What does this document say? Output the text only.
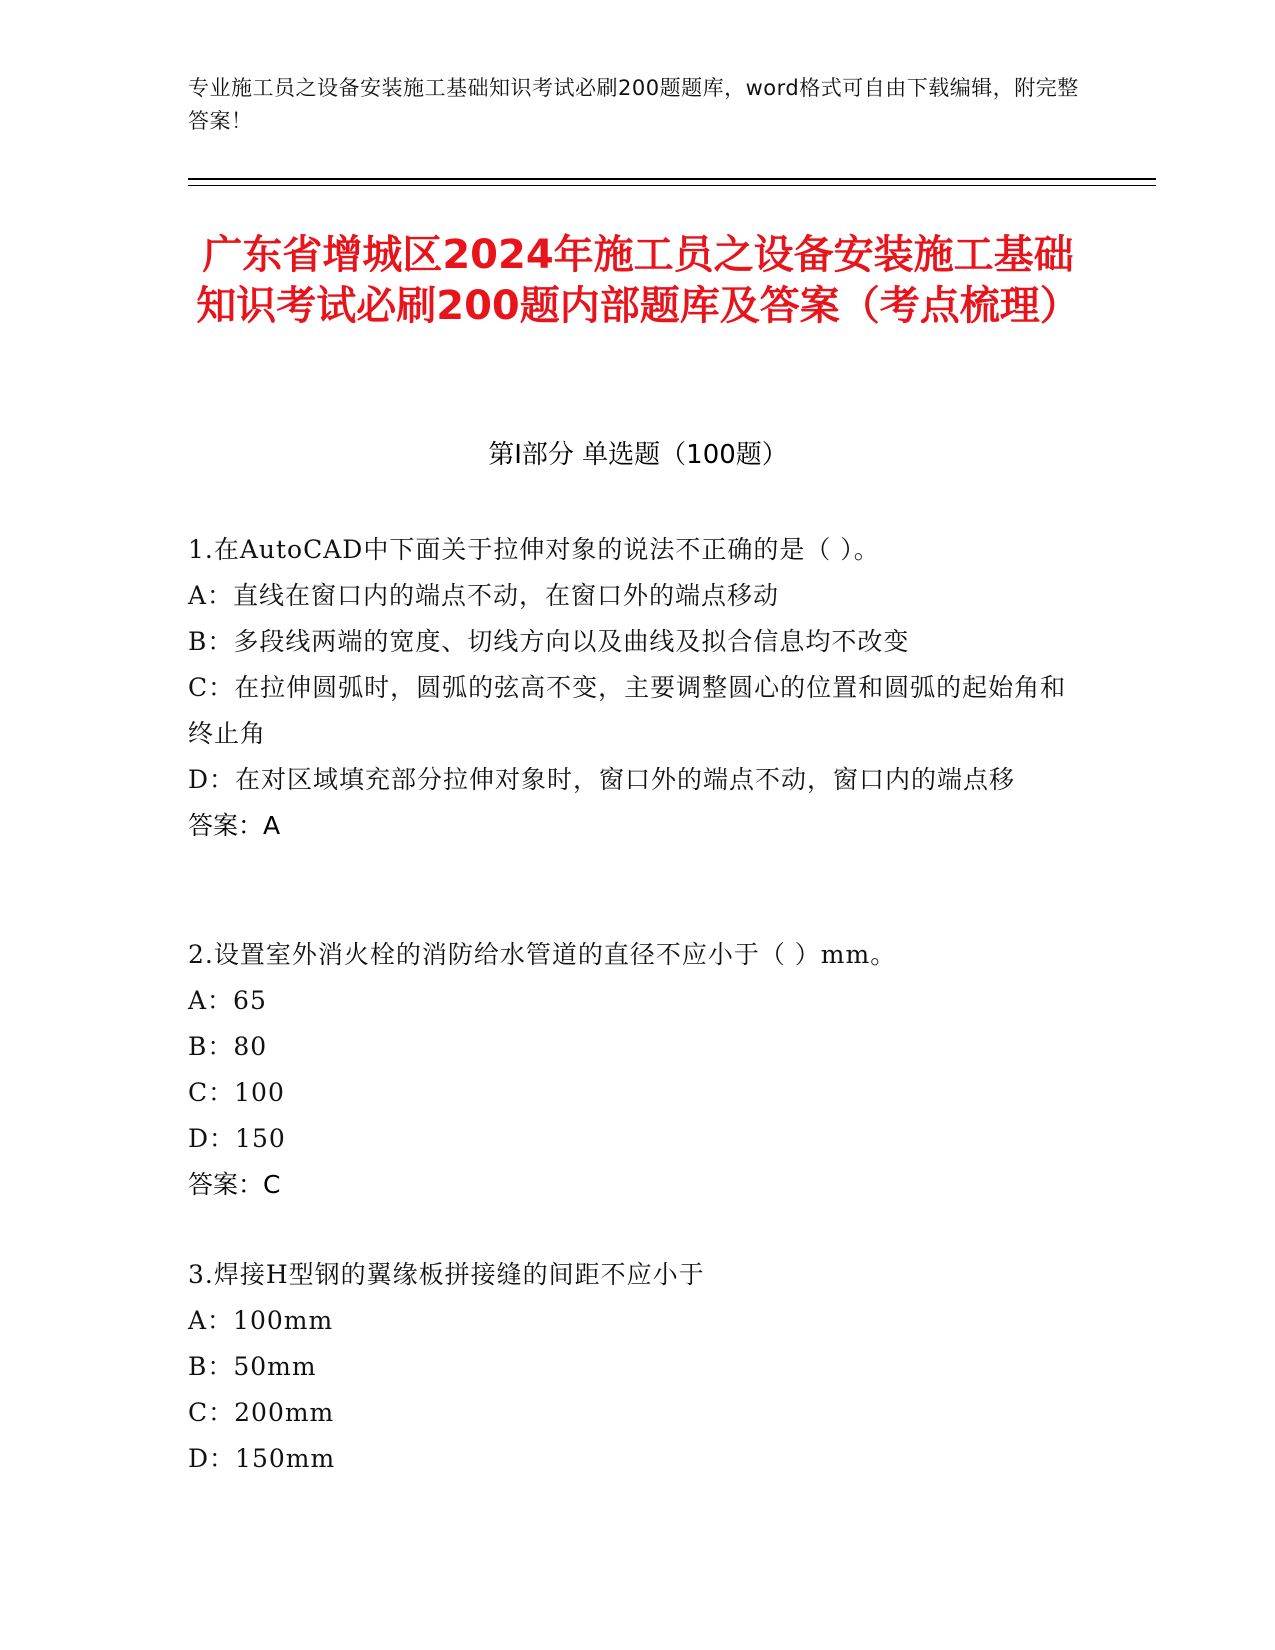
专业施工员之设备安装施工基础知识考试必刷200题题库，word格式可自由下载编辑，附完整答案！
广东省增城区2024年施工员之设备安装施工基础知识考试必刷200题内部题库及答案（考点梳理）
第Ⅰ部分 单选题（100题）
1.在AutoCAD中下面关于拉伸对象的说法不正确的是（ ）。
A：直线在窗口内的端点不动，在窗口外的端点移动
B：多段线两端的宽度、切线方向以及曲线及拟合信息均不改变
C：在拉伸圆弧时，圆弧的弦高不变，主要调整圆心的位置和圆弧的起始角和终止角
D：在对区域填充部分拉伸对象时，窗口外的端点不动，窗口内的端点移
答案：A
2.设置室外消火栓的消防给水管道的直径不应小于（ ）mm。
A：65
B：80
C：100
D：150
答案：C
3.焊接H型钢的翼缘板拼接缝的间距不应小于
A：100mm
B：50mm
C：200mm
D：150mm
